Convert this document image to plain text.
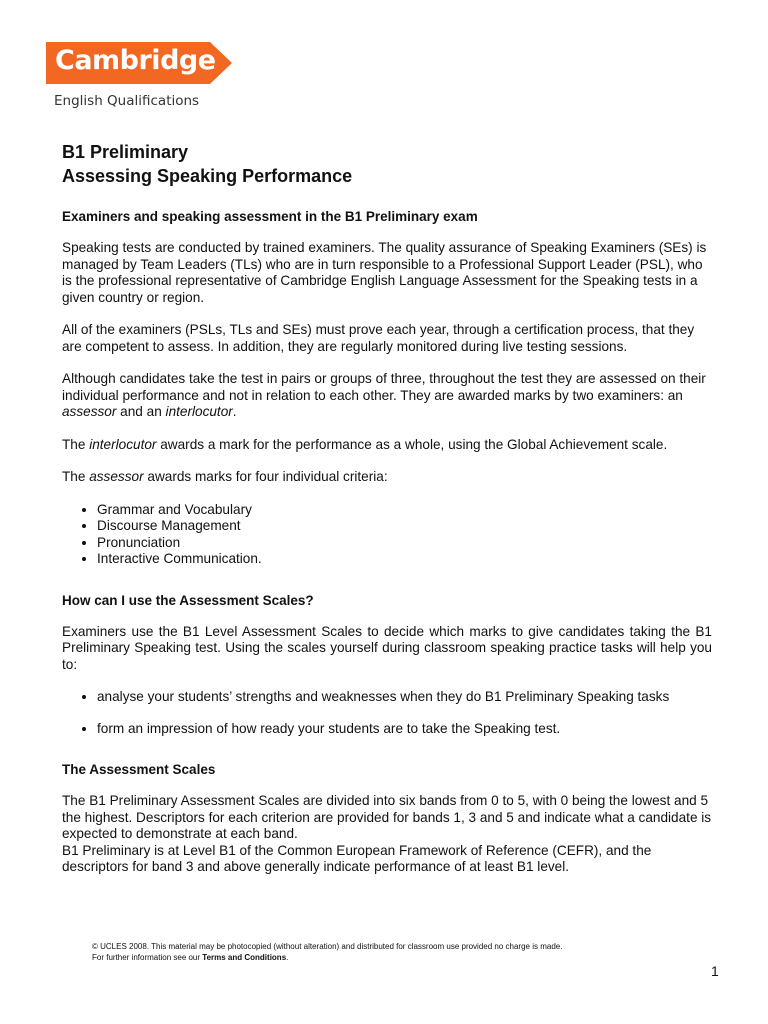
Cambridge

English Qualifications

B1 Preliminary
Assessing Speaking Performance
Examiners and speaking assessment in the B1 Preliminary exam

Speaking tests are conducted by trained examiners. The quality assurance of Speaking Examiners (SEs) is managed by Team Leaders (TLs) who are in turn responsible to a Professional Support Leader (PSL), who is the professional representative of Cambridge English Language Assessment for the Speaking tests in a given country or region.

All of the examiners (PSLs, TLs and SEs) must prove each year, through a certification process, that they are competent to assess. In addition, they are regularly monitored during live testing sessions.

Although candidates take the test in pairs or groups of three, throughout the test they are assessed on their individual performance and not in relation to each other. They are awarded marks by two examiners: an assessor and an interlocutor.

The interlocutor awards a mark for the performance as a whole, using the Global Achievement scale.

The assessor awards marks for four individual criteria:

• Grammar and Vocabulary
• Discourse Management
• Pronunciation
• Interactive Communication.
How can I use the Assessment Scales?

Examiners use the B1 Level Assessment Scales to decide which marks to give candidates taking the B1 Preliminary Speaking test. Using the scales yourself during classroom speaking practice tasks will help you to:

• analyse your students’ strengths and weaknesses when they do B1 Preliminary Speaking tasks
• form an impression of how ready your students are to take the Speaking test.
The Assessment Scales

The B1 Preliminary Assessment Scales are divided into six bands from 0 to 5, with 0 being the lowest and 5 the highest. Descriptors for each criterion are provided for bands 1, 3 and 5 and indicate what a candidate is expected to demonstrate at each band.

B1 Preliminary is at Level B1 of the Common European Framework of Reference (CEFR), and the descriptors for band 3 and above generally indicate performance of at least B1 level.

© UCLES 2008. This material may be photocopied (without alteration) and distributed for classroom use provided no charge is made.
For further information see our Terms and Conditions.
1
